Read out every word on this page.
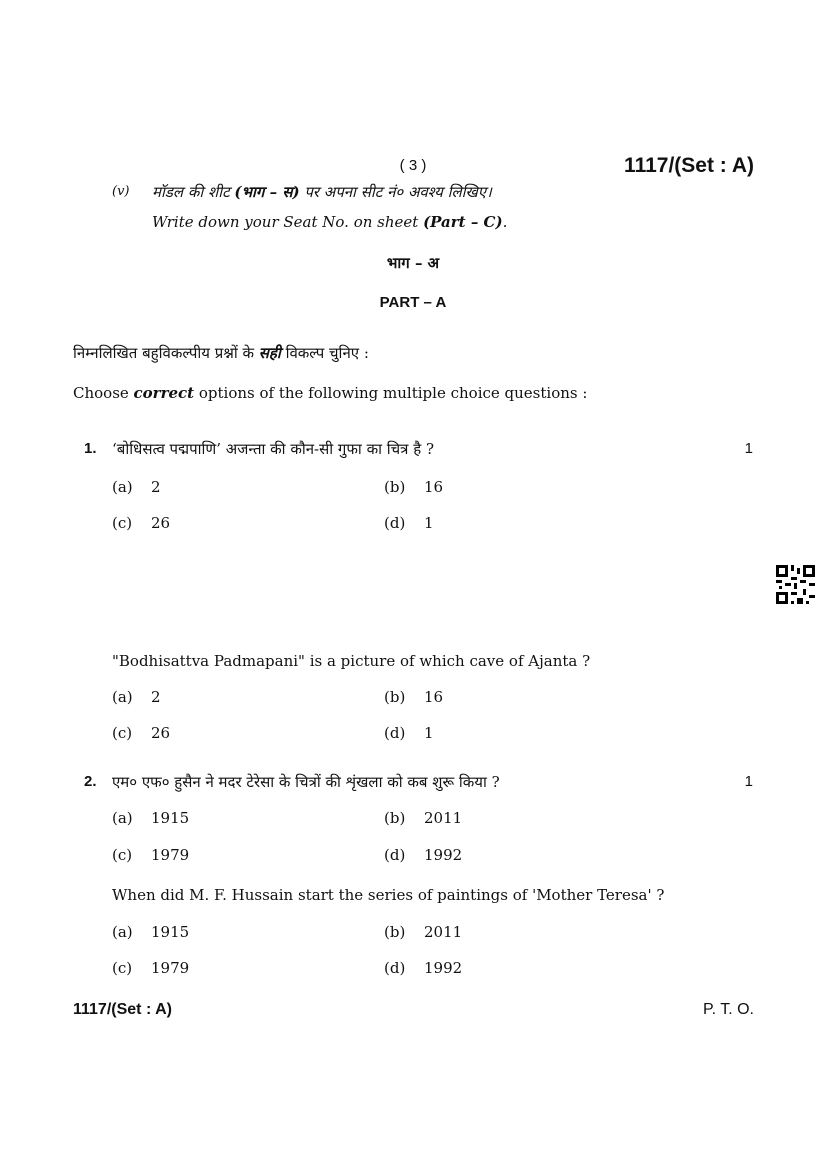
( 3 )	1117/(Set : A)
(v) मॉडल की शीट (भाग – स) पर अपना सीट नं० अवश्य लिखिए।
Write down your Seat No. on sheet (Part – C).
भाग – अ
PART – A
निम्नलिखित बहुविकल्पीय प्रश्नों के सही विकल्प चुनिए :
Choose correct options of the following multiple choice questions :
1. ‘बोधिसत्व पद्मपाणि’ अजन्ता की कौन-सी गुफा का चित्र है ?	1
(a) 2	(b) 16
(c) 26	(d) 1
"Bodhisattva Padmapani" is a picture of which cave of Ajanta ?
(a) 2	(b) 16
(c) 26	(d) 1
2. एम० एफ० हुसैन ने मदर टेरेसा के चित्रों की शृंखला को कब शुरू किया ?	1
(a) 1915	(b) 2011
(c) 1979	(d) 1992
When did M. F. Hussain start the series of paintings of 'Mother Teresa' ?
(a) 1915	(b) 2011
(c) 1979	(d) 1992
1117/(Set : A)	P. T. O.
